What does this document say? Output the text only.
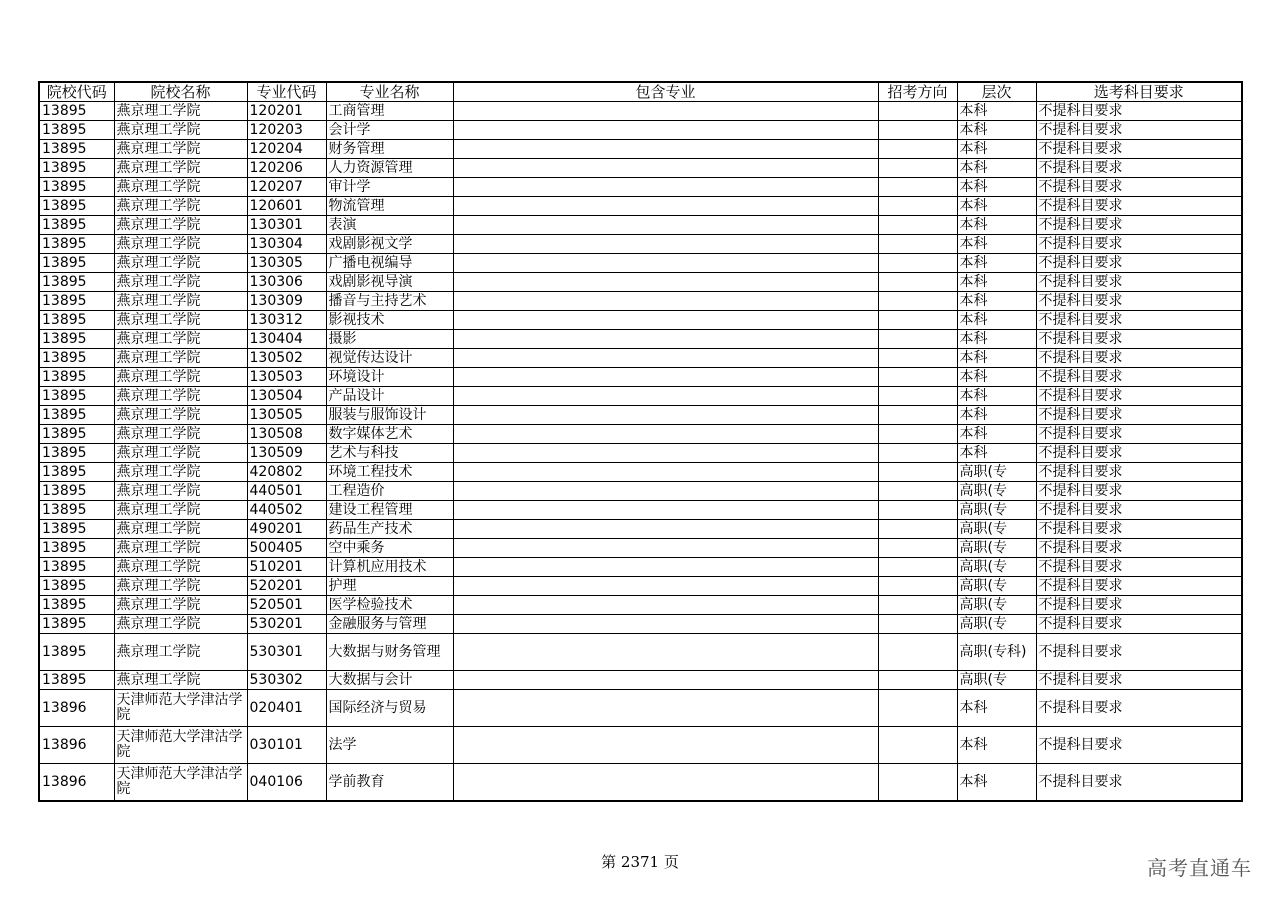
院校代码	院校名称	专业代码	专业名称	包含专业	招考方向	层次	选考科目要求
13895	燕京理工学院	120201	工商管理			本科	不提科目要求
13895	燕京理工学院	120203	会计学			本科	不提科目要求
13895	燕京理工学院	120204	财务管理			本科	不提科目要求
13895	燕京理工学院	120206	人力资源管理			本科	不提科目要求
13895	燕京理工学院	120207	审计学			本科	不提科目要求
13895	燕京理工学院	120601	物流管理			本科	不提科目要求
13895	燕京理工学院	130301	表演			本科	不提科目要求
13895	燕京理工学院	130304	戏剧影视文学			本科	不提科目要求
13895	燕京理工学院	130305	广播电视编导			本科	不提科目要求
13895	燕京理工学院	130306	戏剧影视导演			本科	不提科目要求
13895	燕京理工学院	130309	播音与主持艺术			本科	不提科目要求
13895	燕京理工学院	130312	影视技术			本科	不提科目要求
13895	燕京理工学院	130404	摄影			本科	不提科目要求
13895	燕京理工学院	130502	视觉传达设计			本科	不提科目要求
13895	燕京理工学院	130503	环境设计			本科	不提科目要求
13895	燕京理工学院	130504	产品设计			本科	不提科目要求
13895	燕京理工学院	130505	服装与服饰设计			本科	不提科目要求
13895	燕京理工学院	130508	数字媒体艺术			本科	不提科目要求
13895	燕京理工学院	130509	艺术与科技			本科	不提科目要求
13895	燕京理工学院	420802	环境工程技术			高职(专	不提科目要求
13895	燕京理工学院	440501	工程造价			高职(专	不提科目要求
13895	燕京理工学院	440502	建设工程管理			高职(专	不提科目要求
13895	燕京理工学院	490201	药品生产技术			高职(专	不提科目要求
13895	燕京理工学院	500405	空中乘务			高职(专	不提科目要求
13895	燕京理工学院	510201	计算机应用技术			高职(专	不提科目要求
13895	燕京理工学院	520201	护理			高职(专	不提科目要求
13895	燕京理工学院	520501	医学检验技术			高职(专	不提科目要求
13895	燕京理工学院	530201	金融服务与管理			高职(专	不提科目要求
13895	燕京理工学院	530301	大数据与财务管理			高职(专科)	不提科目要求
13895	燕京理工学院	530302	大数据与会计			高职(专	不提科目要求
13896	天津师范大学津沽学院	020401	国际经济与贸易			本科	不提科目要求
13896	天津师范大学津沽学院	030101	法学			本科	不提科目要求
13896	天津师范大学津沽学院	040106	学前教育			本科	不提科目要求
第 2371 页	高考直通车
